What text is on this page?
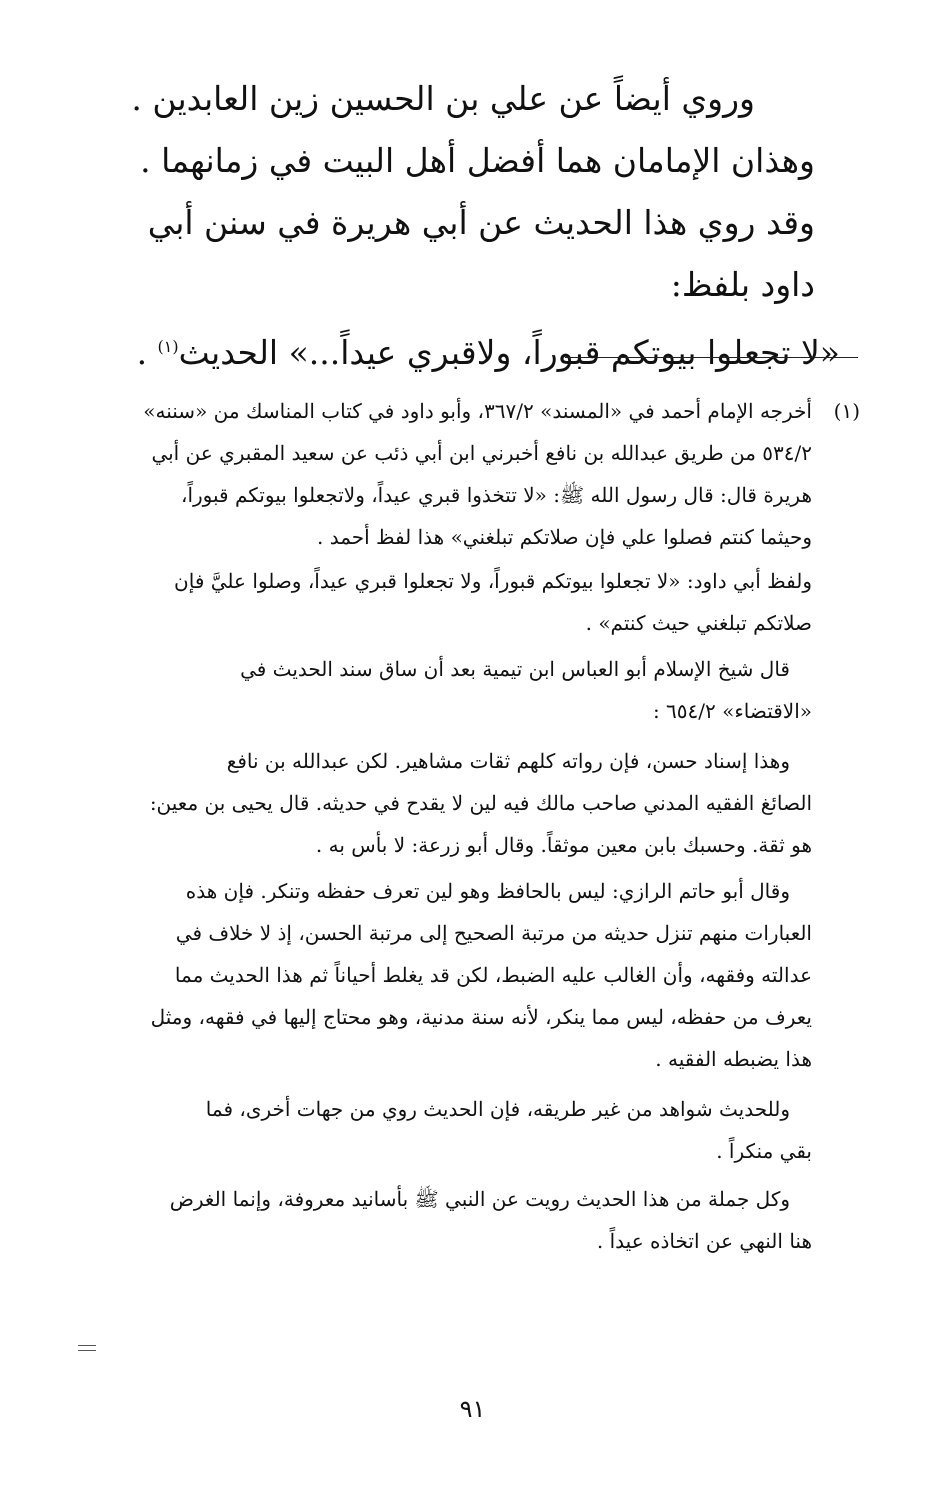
وروي أيضاً عن علي بن الحسين زين العابدين .
وهذان الإمامان هما أفضل أهل البيت في زمانهما .
وقد روي هذا الحديث عن أبي هريرة في سنن أبي داود بلفظ:
«لا تجعلوا بيوتكم قبوراً، ولاقبري عيداً...» الحديث$^{(١)}$ .
(١)

أخرجه الإمام أحمد في «المسند» ٣٦٧/٢، وأبو داود في كتاب المناسك من «سننه»

٥٣٤/٢ من طريق عبدالله بن نافع أخبرني ابن أبي ذئب عن سعيد المقبري عن أبي

هريرة قال: قال رسول الله ﷺ: «لا تتخذوا قبري عيداً، ولاتجعلوا بيوتكم قبوراً،

وحيثما كنتم فصلوا علي فإن صلاتكم تبلغني» هذا لفظ أحمد .

ولفظ أبي داود: «لا تجعلوا بيوتكم قبوراً، ولا تجعلوا قبري عيداً، وصلوا عليَّ فإن

صلاتكم تبلغني حيث كنتم» .

قال شيخ الإسلام أبو العباس ابن تيمية بعد أن ساق سند الحديث في

«الاقتضاء» ٦٥٤/٢ :

وهذا إسناد حسن، فإن رواته كلهم ثقات مشاهير. لكن عبدالله بن نافع

الصائغ الفقيه المدني صاحب مالك فيه لين لا يقدح في حديثه. قال يحيى بن معين:

هو ثقة. وحسبك بابن معين موثقاً. وقال أبو زرعة: لا بأس به .

وقال أبو حاتم الرازي: ليس بالحافظ وهو لين تعرف حفظه وتنكر. فإن هذه

العبارات منهم تنزل حديثه من مرتبة الصحيح إلى مرتبة الحسن، إذ لا خلاف في

عدالته وفقهه، وأن الغالب عليه الضبط، لكن قد يغلط أحياناً ثم هذا الحديث مما

يعرف من حفظه، ليس مما ينكر، لأنه سنة مدنية، وهو محتاج إليها في فقهه، ومثل

هذا يضبطه الفقيه .

وللحديث شواهد من غير طريقه، فإن الحديث روي من جهات أخرى، فما

بقي منكراً .

وكل جملة من هذا الحديث رويت عن النبي ﷺ بأسانيد معروفة، وإنما الغرض

هنا النهي عن اتخاذه عيداً .

٩١
